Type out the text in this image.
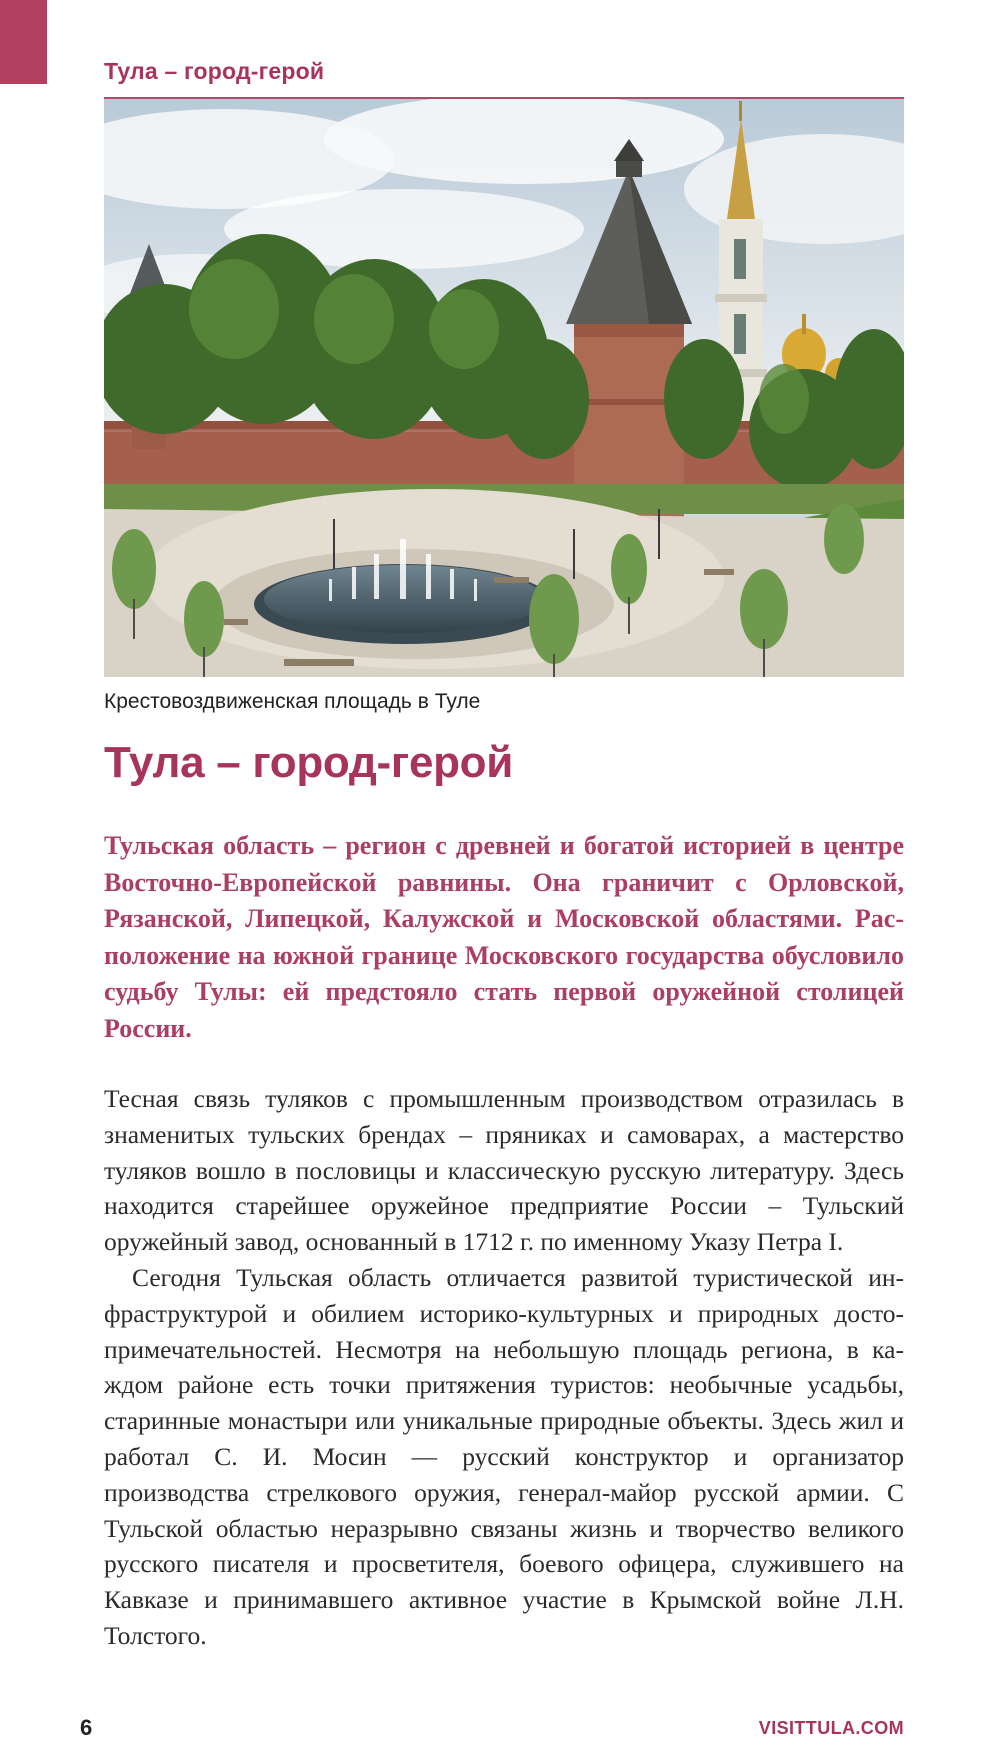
Тула – город-герой
Крестовоздвиженская площадь в Туле
Тула – город-герой

Тульская область – регион с древней и богатой историей в центре Восточно-Европейской равнины. Она граничит с Орловской, Рязанской, Липецкой, Калужской и Московской областями. Расположение на южной границе Московского государства обусловило судьбу Тулы: ей предстояло стать первой оружейной столицей России.

Тесная связь туляков с промышленным производством отразилась в знаменитых тульских брендах – пряниках и самоварах, а мастерство туляков вошло в пословицы и классическую русскую литературу. Здесь находится старейшее оружейное предприятие России – Тульский оружейный завод, основанный в 1712 г. по именному Указу Петра I.

Сегодня Тульская область отличается развитой туристической инфраструктурой и обилием историко-культурных и природных достопримечательностей. Несмотря на небольшую площадь региона, в каждом районе есть точки притяжения туристов: необычные усадьбы, старинные монастыри или уникальные природные объекты. Здесь жил и работал С. И. Мосин — русский конструктор и организатор производства стрелкового оружия, генерал-майор русской армии. С Тульской областью неразрывно связаны жизнь и творчество великого русского писателя и просветителя, боевого офицера, служившего на Кавказе и принимавшего активное участие в Крымской войне Л.Н. Толстого.

6	VISITTULA.COM
